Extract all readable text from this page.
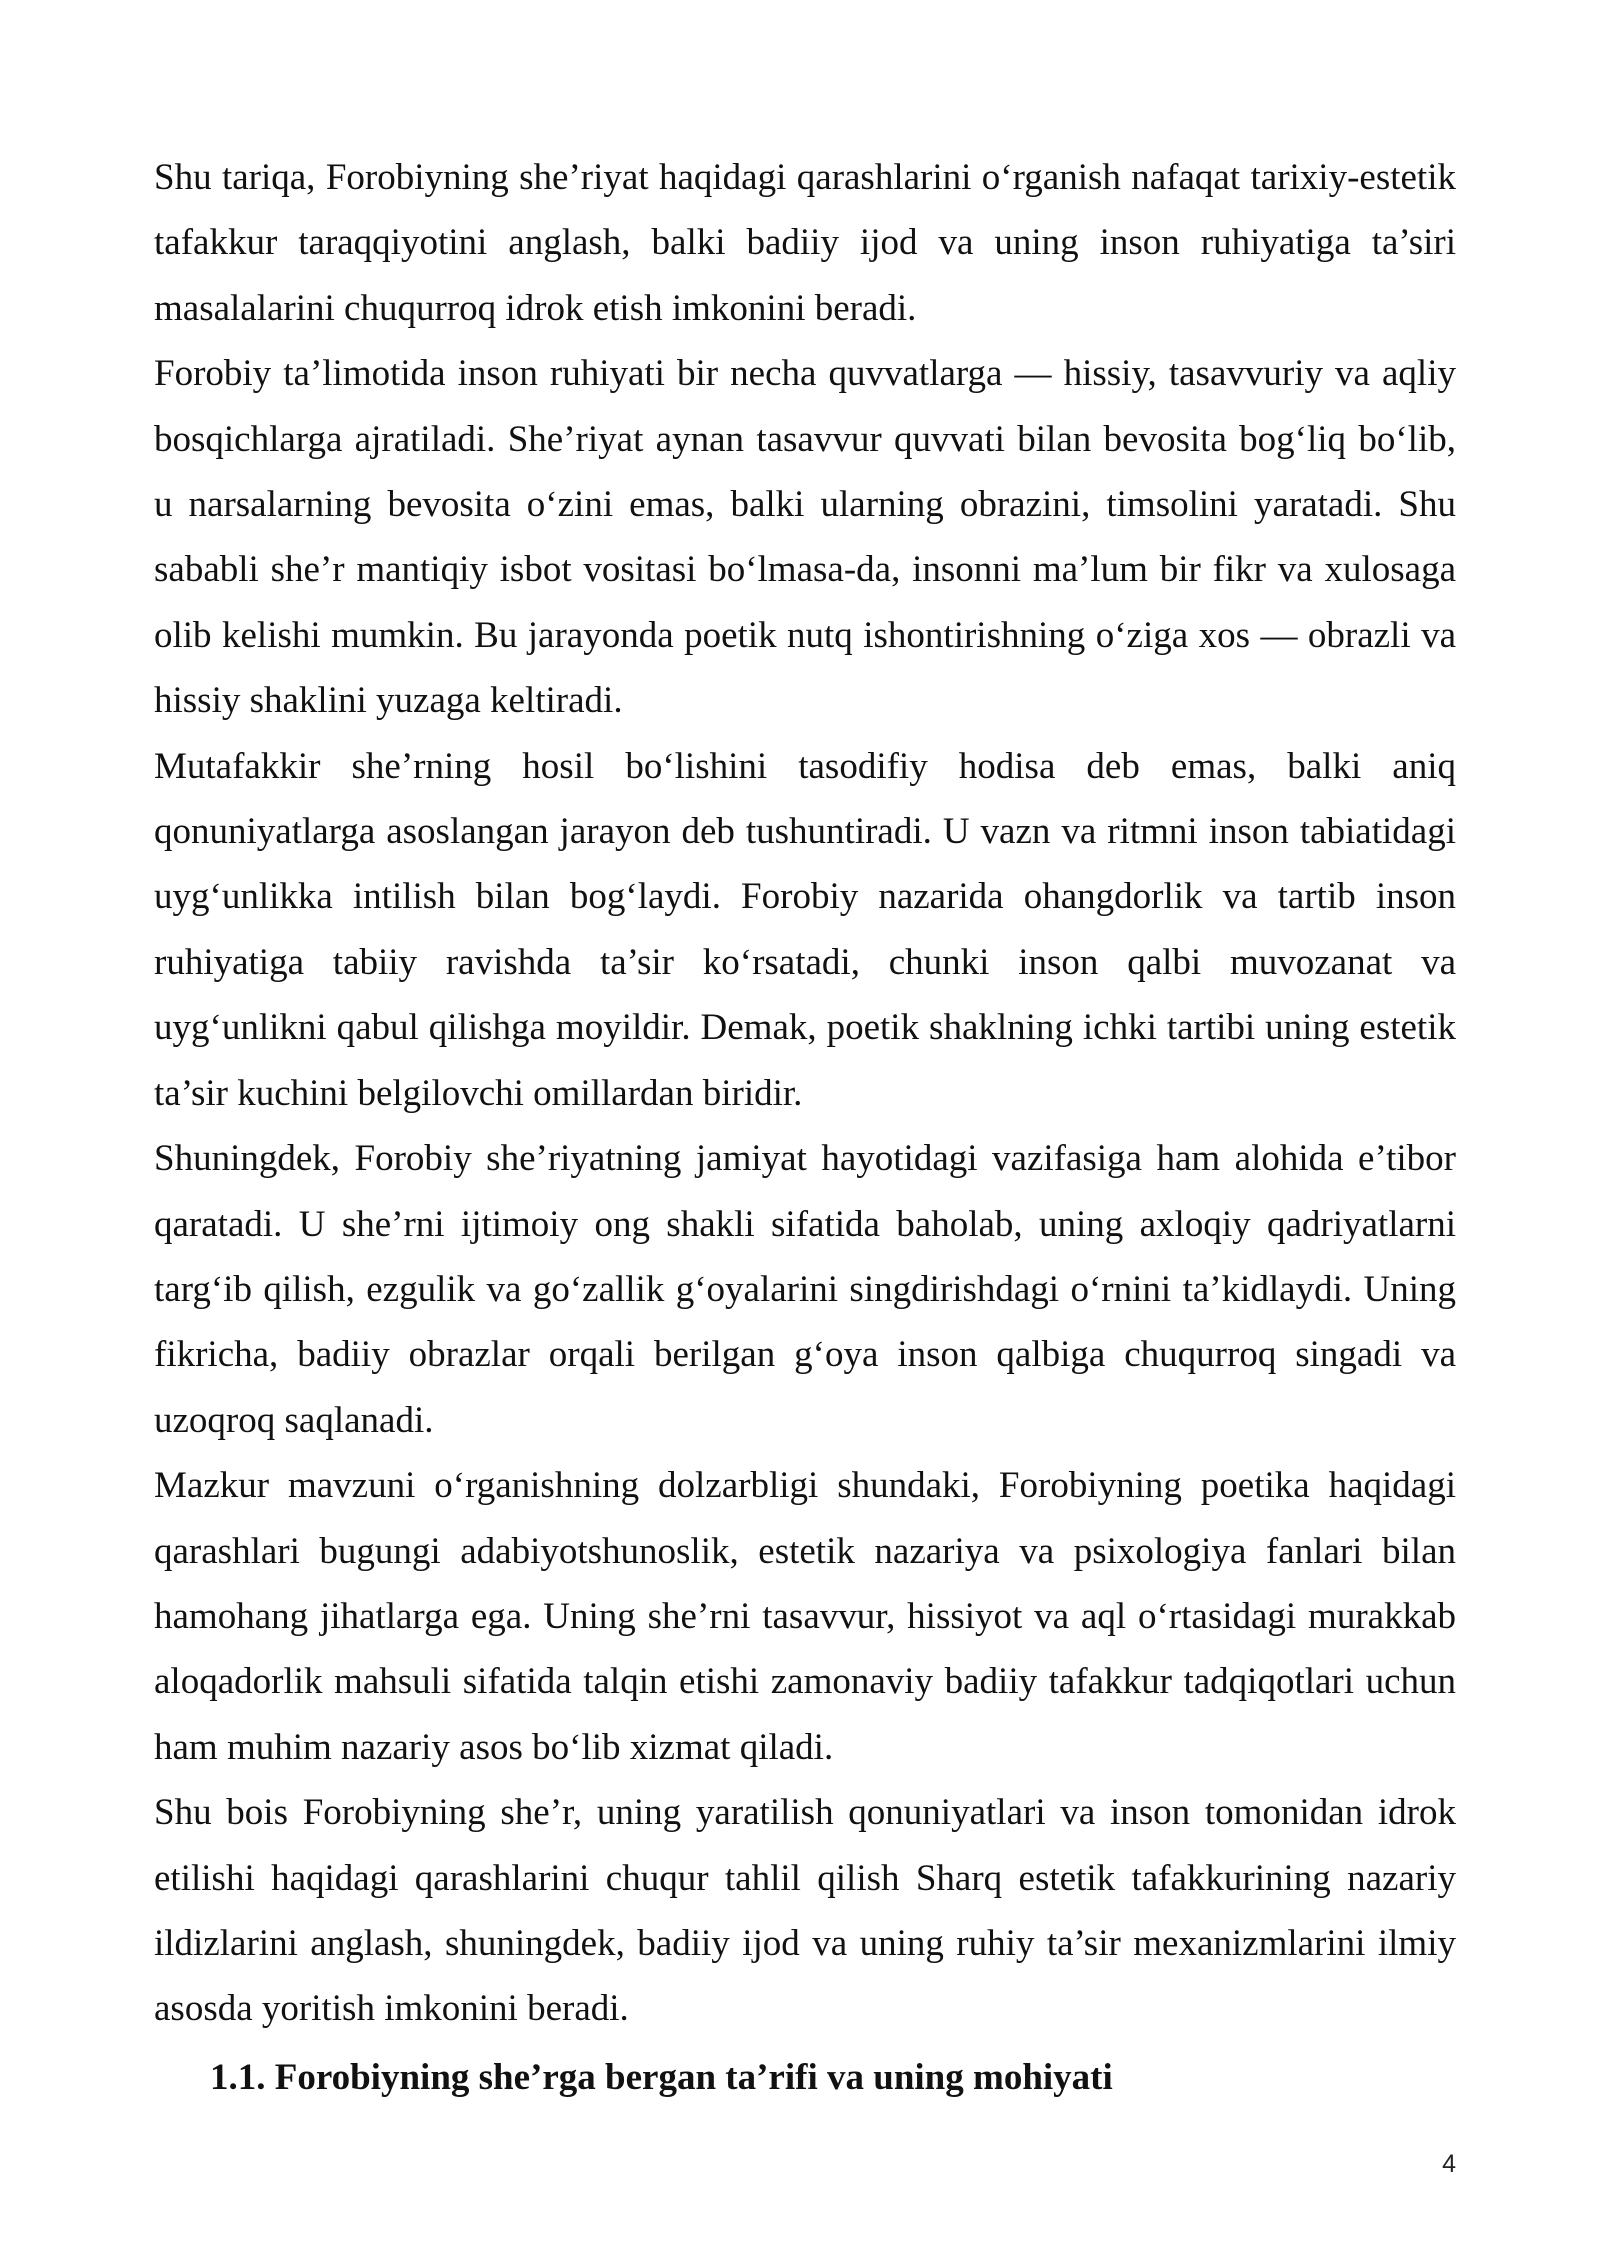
Shu tariqa, Forobiyning she’riyat haqidagi qarashlarini o‘rganish nafaqat tarixiy-estetik tafakkur taraqqiyotini anglash, balki badiiy ijod va uning inson ruhiyatiga ta’siri masalalarini chuqurroq idrok etish imkonini beradi.

Forobiy ta’limotida inson ruhiyati bir necha quvvatlarga — hissiy, tasavvuriy va aqliy bosqichlarga ajratiladi. She’riyat aynan tasavvur quvvati bilan bevosita bog‘liq bo‘lib, u narsalarning bevosita o‘zini emas, balki ularning obrazini, timsolini yaratadi. Shu sababli she’r mantiqiy isbot vositasi bo‘lmasa-da, insonni ma’lum bir fikr va xulosaga olib kelishi mumkin. Bu jarayonda poetik nutq ishontirishning o‘ziga xos — obrazli va hissiy shaklini yuzaga keltiradi.

Mutafakkir she’rning hosil bo‘lishini tasodifiy hodisa deb emas, balki aniq qonuniyatlarga asoslangan jarayon deb tushuntiradi. U vazn va ritmni inson tabiatidagi uyg‘unlikka intilish bilan bog‘laydi. Forobiy nazarida ohangdorlik va tartib inson ruhiyatiga tabiiy ravishda ta’sir ko‘rsatadi, chunki inson qalbi muvozanat va uyg‘unlikni qabul qilishga moyildir. Demak, poetik shaklning ichki tartibi uning estetik ta’sir kuchini belgilovchi omillardan biridir.

Shuningdek, Forobiy she’riyatning jamiyat hayotidagi vazifasiga ham alohida e’tibor qaratadi. U she’rni ijtimoiy ong shakli sifatida baholab, uning axloqiy qadriyatlarni targ‘ib qilish, ezgulik va go‘zallik g‘oyalarini singdirishdagi o‘rnini ta’kidlaydi. Uning fikricha, badiiy obrazlar orqali berilgan g‘oya inson qalbiga chuqurroq singadi va uzoqroq saqlanadi.

Mazkur mavzuni o‘rganishning dolzarbligi shundaki, Forobiyning poetika haqidagi qarashlari bugungi adabiyotshunoslik, estetik nazariya va psixologiya fanlari bilan hamohang jihatlarga ega. Uning she’rni tasavvur, hissiyot va aql o‘rtasidagi murakkab aloqadorlik mahsuli sifatida talqin etishi zamonaviy badiiy tafakkur tadqiqotlari uchun ham muhim nazariy asos bo‘lib xizmat qiladi.

Shu bois Forobiyning she’r, uning yaratilish qonuniyatlari va inson tomonidan idrok etilishi haqidagi qarashlarini chuqur tahlil qilish Sharq estetik tafakkurining nazariy ildizlarini anglash, shuningdek, badiiy ijod va uning ruhiy ta’sir mexanizmlarini ilmiy asosda yoritish imkonini beradi.

1.1. Forobiyning she’rga bergan ta’rifi va uning mohiyati

4
